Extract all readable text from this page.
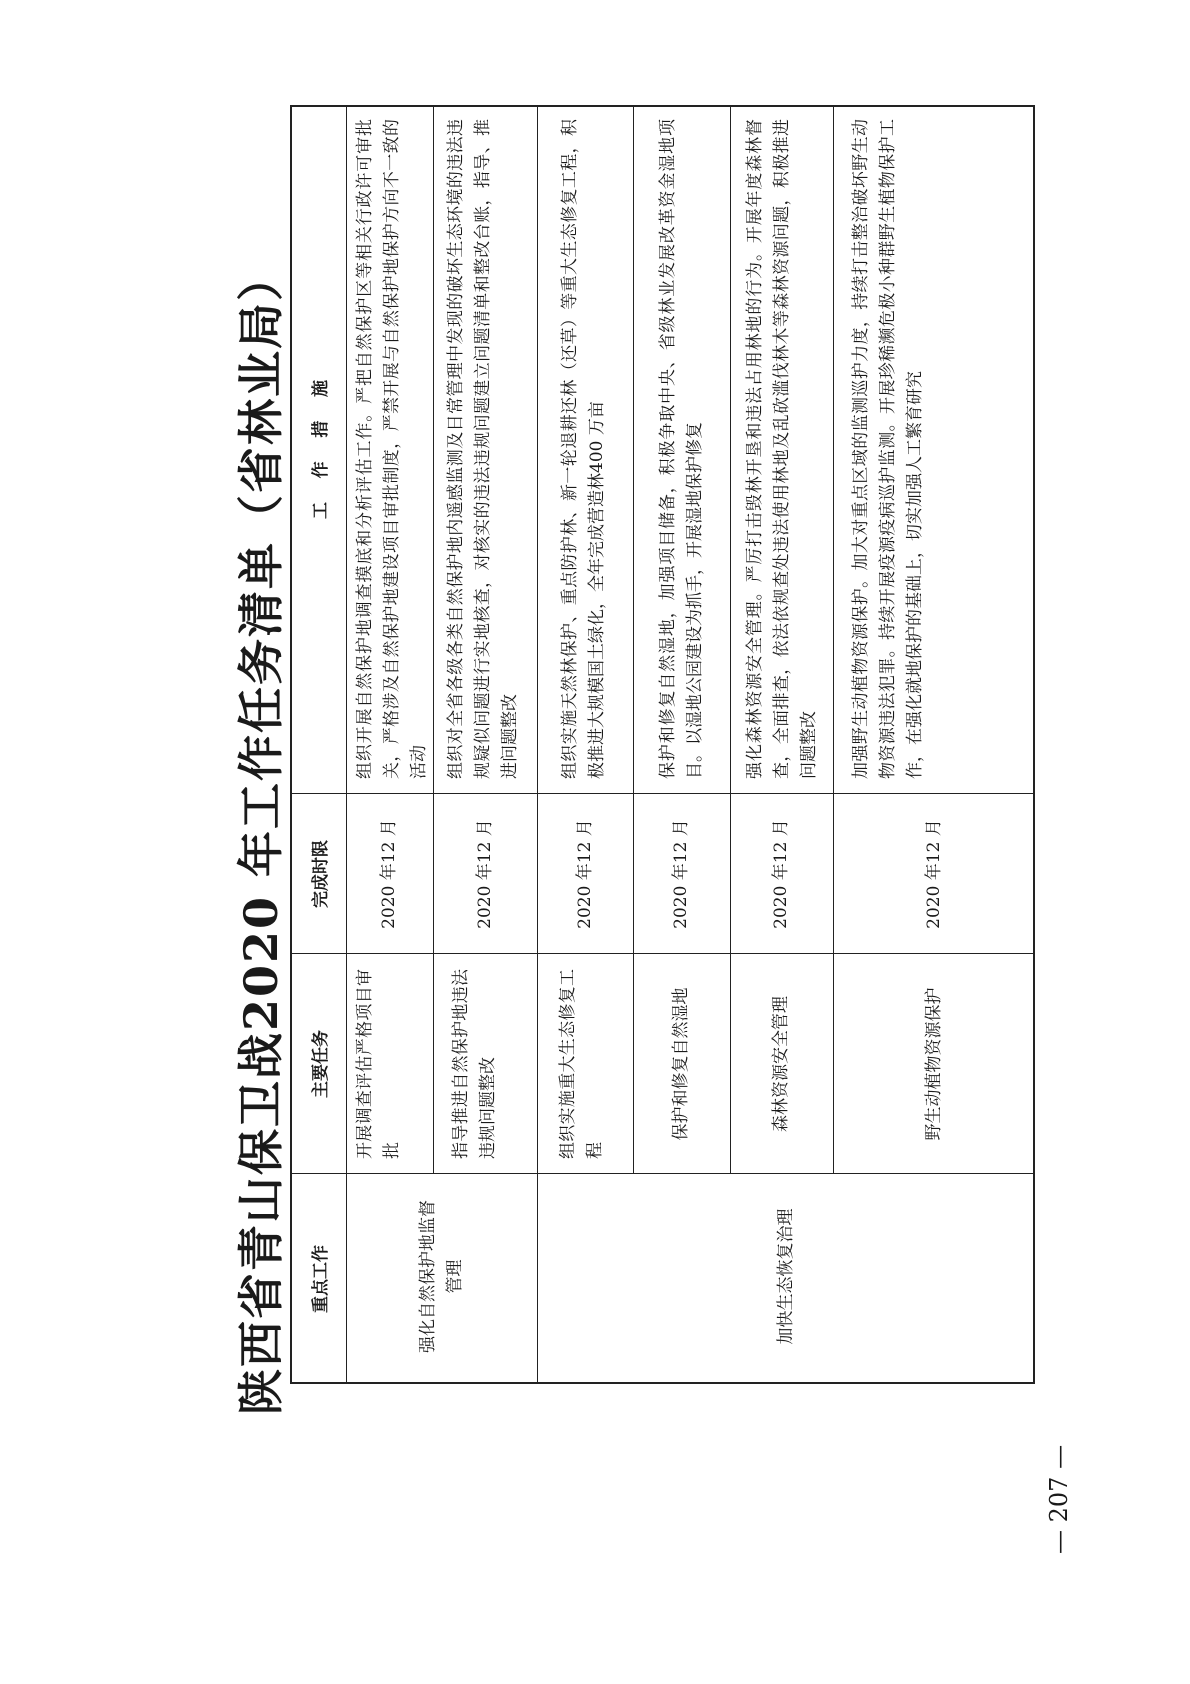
陕西省青山保卫战2020 年工作任务清单（省林业局）	重点工作
主要任务
完成时限
工    作    措    施
强化自然保护地监督管理	加快生态恢复治理
开展调查评估严格项目审批
2020 年12 月
组织开展自然保护地调查摸底和分析评估工作。严把自然保护区等相关行政许可审批关，严格涉及自然保护地建设项目审批制度，严禁开展与自然保护地保护方向不一致的活动
指导推进自然保护地违法违规问题整改
2020 年12 月
组织对全省各级各类自然保护地内遥感监测及日常管理中发现的破坏生态环境的违法违规疑似问题进行实地核查，对核实的违法违规问题建立问题清单和整改台账，指导、推进问题整改
组织实施重大生态修复工程
2020 年12 月
组织实施天然林保护、重点防护林、新一轮退耕还林（还草）等重大生态修复工程，积极推进大规模国土绿化，全年完成营造林400 万亩
保护和修复自然湿地
2020 年12 月
保护和修复自然湿地，加强项目储备，积极争取中央、省级林业发展改革资金湿地项目。以湿地公园建设为抓手，开展湿地保护修复
森林资源安全管理
2020 年12 月
强化森林资源安全管理。严厉打击毁林开垦和违法占用林地的行为。开展年度森林督查，全面排查，依法依规查处违法使用林地及乱砍滥伐林木等森林资源问题，积极推进问题整改
野生动植物资源保护
2020 年12 月
加强野生动植物资源保护。加大对重点区域的监测巡护力度，持续打击整治破坏野生动物资源违法犯罪。持续开展疫源疫病巡护监测。开展珍稀濒危极小种群野生植物保护工作，在强化就地保护的基础上，切实加强人工繁育研究
— 207 —
